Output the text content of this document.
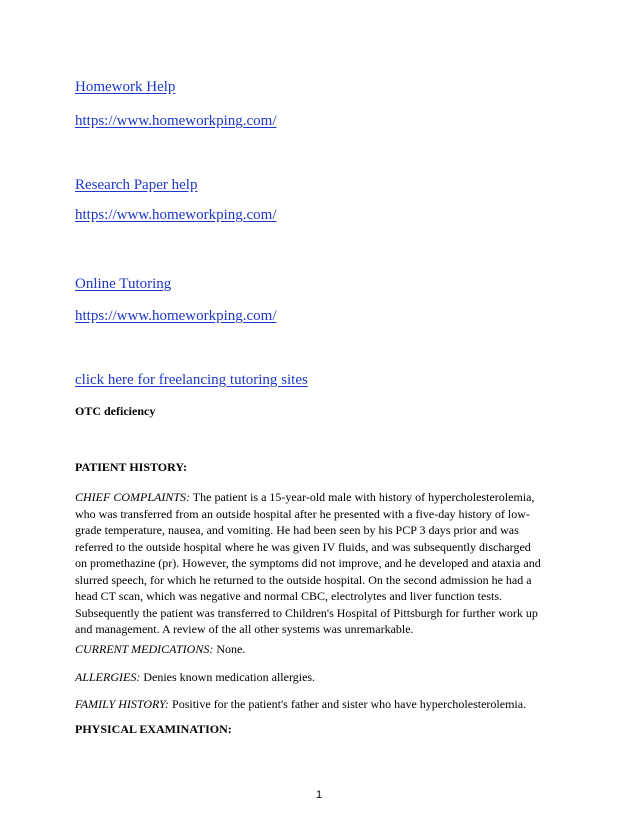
Homework Help
https://www.homeworkping.com/
Research Paper help
https://www.homeworkping.com/
Online Tutoring
https://www.homeworkping.com/
click here for freelancing tutoring sites
OTC deficiency
PATIENT HISTORY:
CHIEF COMPLAINTS: The patient is a 15-year-old male with history of hypercholesterolemia,
who was transferred from an outside hospital after he presented with a five-day history of low-
grade temperature, nausea, and vomiting. He had been seen by his PCP 3 days prior and was
referred to the outside hospital where he was given IV fluids, and was subsequently discharged
on promethazine (pr). However, the symptoms did not improve, and he developed and ataxia and
slurred speech, for which he returned to the outside hospital. On the second admission he had a
head CT scan, which was negative and normal CBC, electrolytes and liver function tests.
Subsequently the patient was transferred to Children's Hospital of Pittsburgh for further work up
and management. A review of the all other systems was unremarkable.
CURRENT MEDICATIONS: None.
ALLERGIES: Denies known medication allergies.
FAMILY HISTORY: Positive for the patient's father and sister who have hypercholesterolemia.
PHYSICAL EXAMINATION:
1
